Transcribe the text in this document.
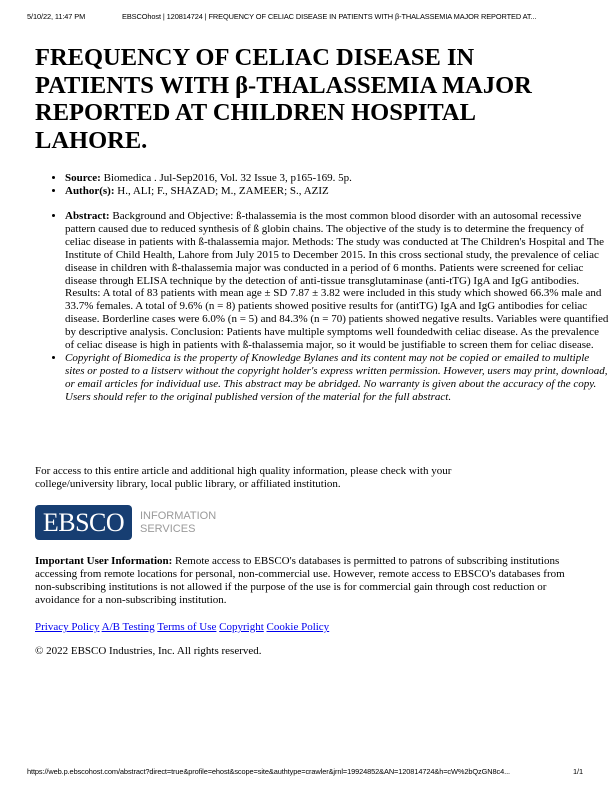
5/10/22, 11:47 PM	EBSCOhost | 120814724 | FREQUENCY OF CELIAC DISEASE IN PATIENTS WITH β-THALASSEMIA MAJOR REPORTED AT...
FREQUENCY OF CELIAC DISEASE IN PATIENTS WITH β-THALASSEMIA MAJOR REPORTED AT CHILDREN HOSPITAL LAHORE.
• Source: Biomedica . Jul-Sep2016, Vol. 32 Issue 3, p165-169. 5p.
• Author(s): H., ALI; F., SHAZAD; M., ZAMEER; S., AZIZ
• Abstract: Background and Objective: ß-thalassemia is the most common blood disorder with an autosomal recessive pattern caused due to reduced synthesis of ß globin chains. The objective of the study is to determine the frequency of celiac disease in patients with ß-thalassemia major. Methods: The study was conducted at The Children's Hospital and The Institute of Child Health, Lahore from July 2015 to December 2015. In this cross sectional study, the prevalence of celiac disease in children with ß-thalassemia major was conducted in a period of 6 months. Patients were screened for celiac disease through ELISA technique by the detection of anti-tissue transglutaminase (anti-tTG) IgA and IgG antibodies. Results: A total of 83 patients with mean age ± SD 7.87 ± 3.82 were included in this study which showed 66.3% male and 33.7% females. A total of 9.6% (n = 8) patients showed positive results for (antitTG) IgA and IgG antibodies for celiac disease. Borderline cases were 6.0% (n = 5) and 84.3% (n = 70) patients showed negative results. Variables were quantified by descriptive analysis. Conclusion: Patients have multiple symptoms well foundedwith celiac disease. As the prevalence of celiac disease is high in patients with ß-thalassemia major, so it would be justifiable to screen them for celiac disease.
• Copyright of Biomedica is the property of Knowledge Bylanes and its content may not be copied or emailed to multiple sites or posted to a listserv without the copyright holder's express written permission. However, users may print, download, or email articles for individual use. This abstract may be abridged. No warranty is given about the accuracy of the copy. Users should refer to the original published version of the material for the full abstract.

For access to this entire article and additional high quality information, please check with your college/university library, local public library, or affiliated institution.

EBSCO	INFORMATION
SERVICES

Important User Information: Remote access to EBSCO's databases is permitted to patrons of subscribing institutions accessing from remote locations for personal, non-commercial use. However, remote access to EBSCO's databases from non-subscribing institutions is not allowed if the purpose of the use is for commercial gain through cost reduction or avoidance for a non-subscribing institution.

Privacy Policy A/B Testing Terms of Use Copyright Cookie Policy

© 2022 EBSCO Industries, Inc. All rights reserved.

https://web.p.ebscohost.com/abstract?direct=true&profile=ehost&scope=site&authtype=crawler&jrnl=19924852&AN=120814724&h=cW%2bQzGN8c4...	1/1
